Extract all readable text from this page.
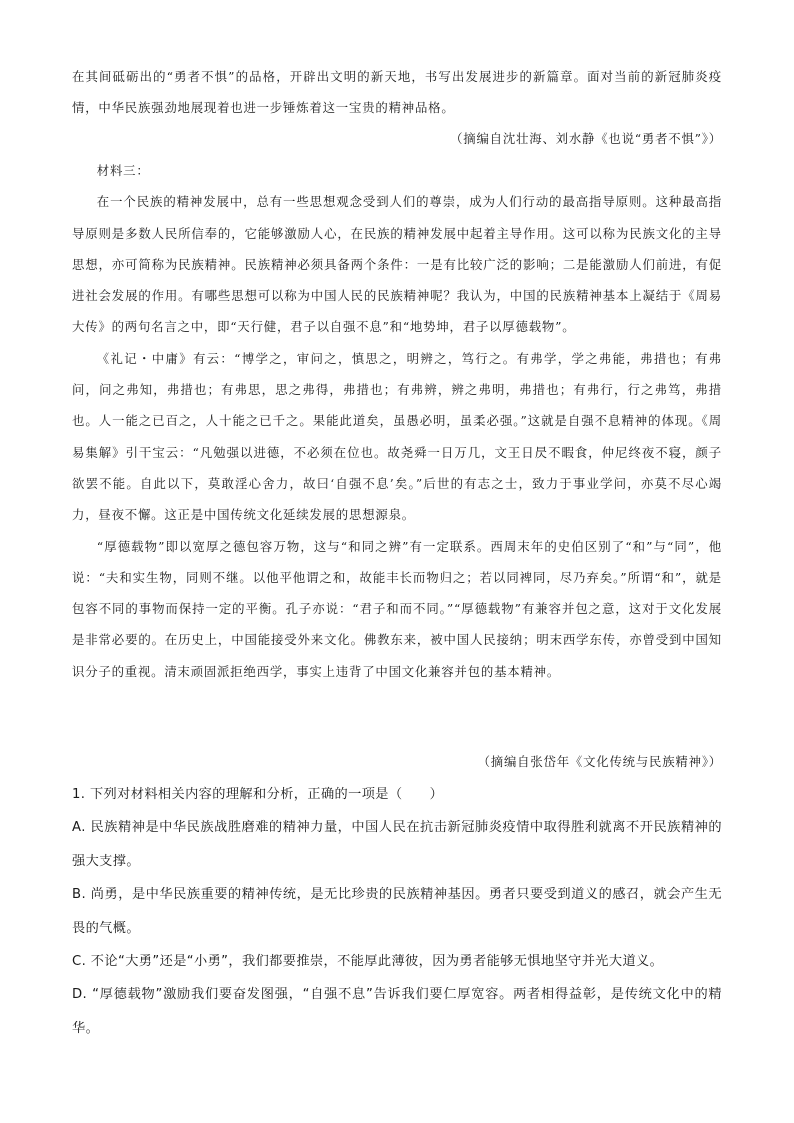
在其间砥砺出的“勇者不惧”的品格，开辟出文明的新天地，书写出发展进步的新篇章。面对当前的新冠肺炎疫情，中华民族强劲地展现着也进一步锤炼着这一宝贵的精神品格。

（摘编自沈壮海、刘水静《也说“勇者不惧”》）

材料三：

在一个民族的精神发展中，总有一些思想观念受到人们的尊崇，成为人们行动的最高指导原则。这种最高指导原则是多数人民所信奉的，它能够激励人心，在民族的精神发展中起着主导作用。这可以称为民族文化的主导思想，亦可简称为民族精神。民族精神必须具备两个条件：一是有比较广泛的影响；二是能激励人们前进，有促进社会发展的作用。有哪些思想可以称为中国人民的民族精神呢？我认为，中国的民族精神基本上凝结于《周易大传》的两句名言之中，即“天行健，君子以自强不息”和“地势坤，君子以厚德载物”。

《礼记・中庸》有云：“博学之，审问之，慎思之，明辨之，笃行之。有弗学，学之弗能，弗措也；有弗问，问之弗知，弗措也；有弗思，思之弗得，弗措也；有弗辨，辨之弗明，弗措也；有弗行，行之弗笃，弗措也。人一能之已百之，人十能之已千之。果能此道矣，虽愚必明，虽柔必强。”这就是自强不息精神的体现。《周易集解》引干宝云：“凡勉强以进德，不必须在位也。故尧舜一日万几，文王日昃不暇食，仲尼终夜不寝，颜子欲罢不能。自此以下，莫敢淫心舍力，故曰‘自强不息’矣。”后世的有志之士，致力于事业学问，亦莫不尽心竭力，昼夜不懈。这正是中国传统文化延续发展的思想源泉。

“厚德载物”即以宽厚之德包容万物，这与“和同之辨”有一定联系。西周末年的史伯区别了“和”与“同”，他说：“夫和实生物，同则不继。以他平他谓之和，故能丰长而物归之；若以同裨同，尽乃弃矣。”所谓“和”，就是包容不同的事物而保持一定的平衡。孔子亦说：“君子和而不同。”“厚德载物”有兼容并包之意，这对于文化发展是非常必要的。在历史上，中国能接受外来文化。佛教东来，被中国人民接纳；明末西学东传，亦曾受到中国知识分子的重视。清末顽固派拒绝西学，事实上违背了中国文化兼容并包的基本精神。

（摘编自张岱年《文化传统与民族精神》）

1. 下列对材料相关内容的理解和分析，正确的一项是（　　）

A. 民族精神是中华民族战胜磨难的精神力量，中国人民在抗击新冠肺炎疫情中取得胜利就离不开民族精神的强大支撑。

B. 尚勇，是中华民族重要的精神传统，是无比珍贵的民族精神基因。勇者只要受到道义的感召，就会产生无畏的气概。

C. 不论“大勇”还是“小勇”，我们都要推崇，不能厚此薄彼，因为勇者能够无惧地坚守并光大道义。

D. “厚德载物”激励我们要奋发图强，“自强不息”告诉我们要仁厚宽容。两者相得益彰，是传统文化中的精华。
